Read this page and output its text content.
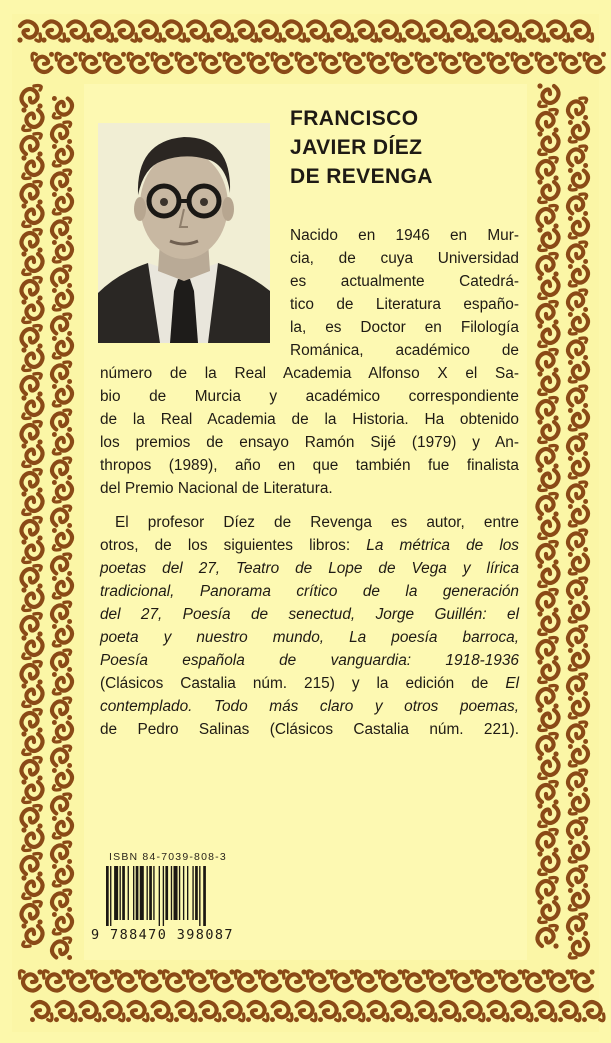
FRANCISCO
JAVIER DÍEZ
DE REVENGA
Nacido en 1946 en Mur-
cia, de cuya Universidad
es actualmente Catedrá-
tico de Literatura españo-
la, es Doctor en Filología
Románica, académico de
número de la Real Academia Alfonso X el Sa-
bio de Murcia y académico correspondiente
de la Real Academia de la Historia. Ha obtenido
los premios de ensayo Ramón Sijé (1979) y An-
thropos (1989), año en que también fue finalista
del Premio Nacional de Literatura.
El profesor Díez de Revenga es autor, entre
otros, de los siguientes libros: La métrica de los
poetas del 27, Teatro de Lope de Vega y lírica
tradicional, Panorama crítico de la generación
del 27, Poesía de senectud, Jorge Guillén: el
poeta y nuestro mundo, La poesía barroca,
Poesía española de vanguardia: 1918-1936
(Clásicos Castalia núm. 215) y la edición de El
contemplado. Todo más claro y otros poemas,
de Pedro Salinas (Clásicos Castalia núm. 221).
ISBN 84-7039-808-3
9 788470 398087
